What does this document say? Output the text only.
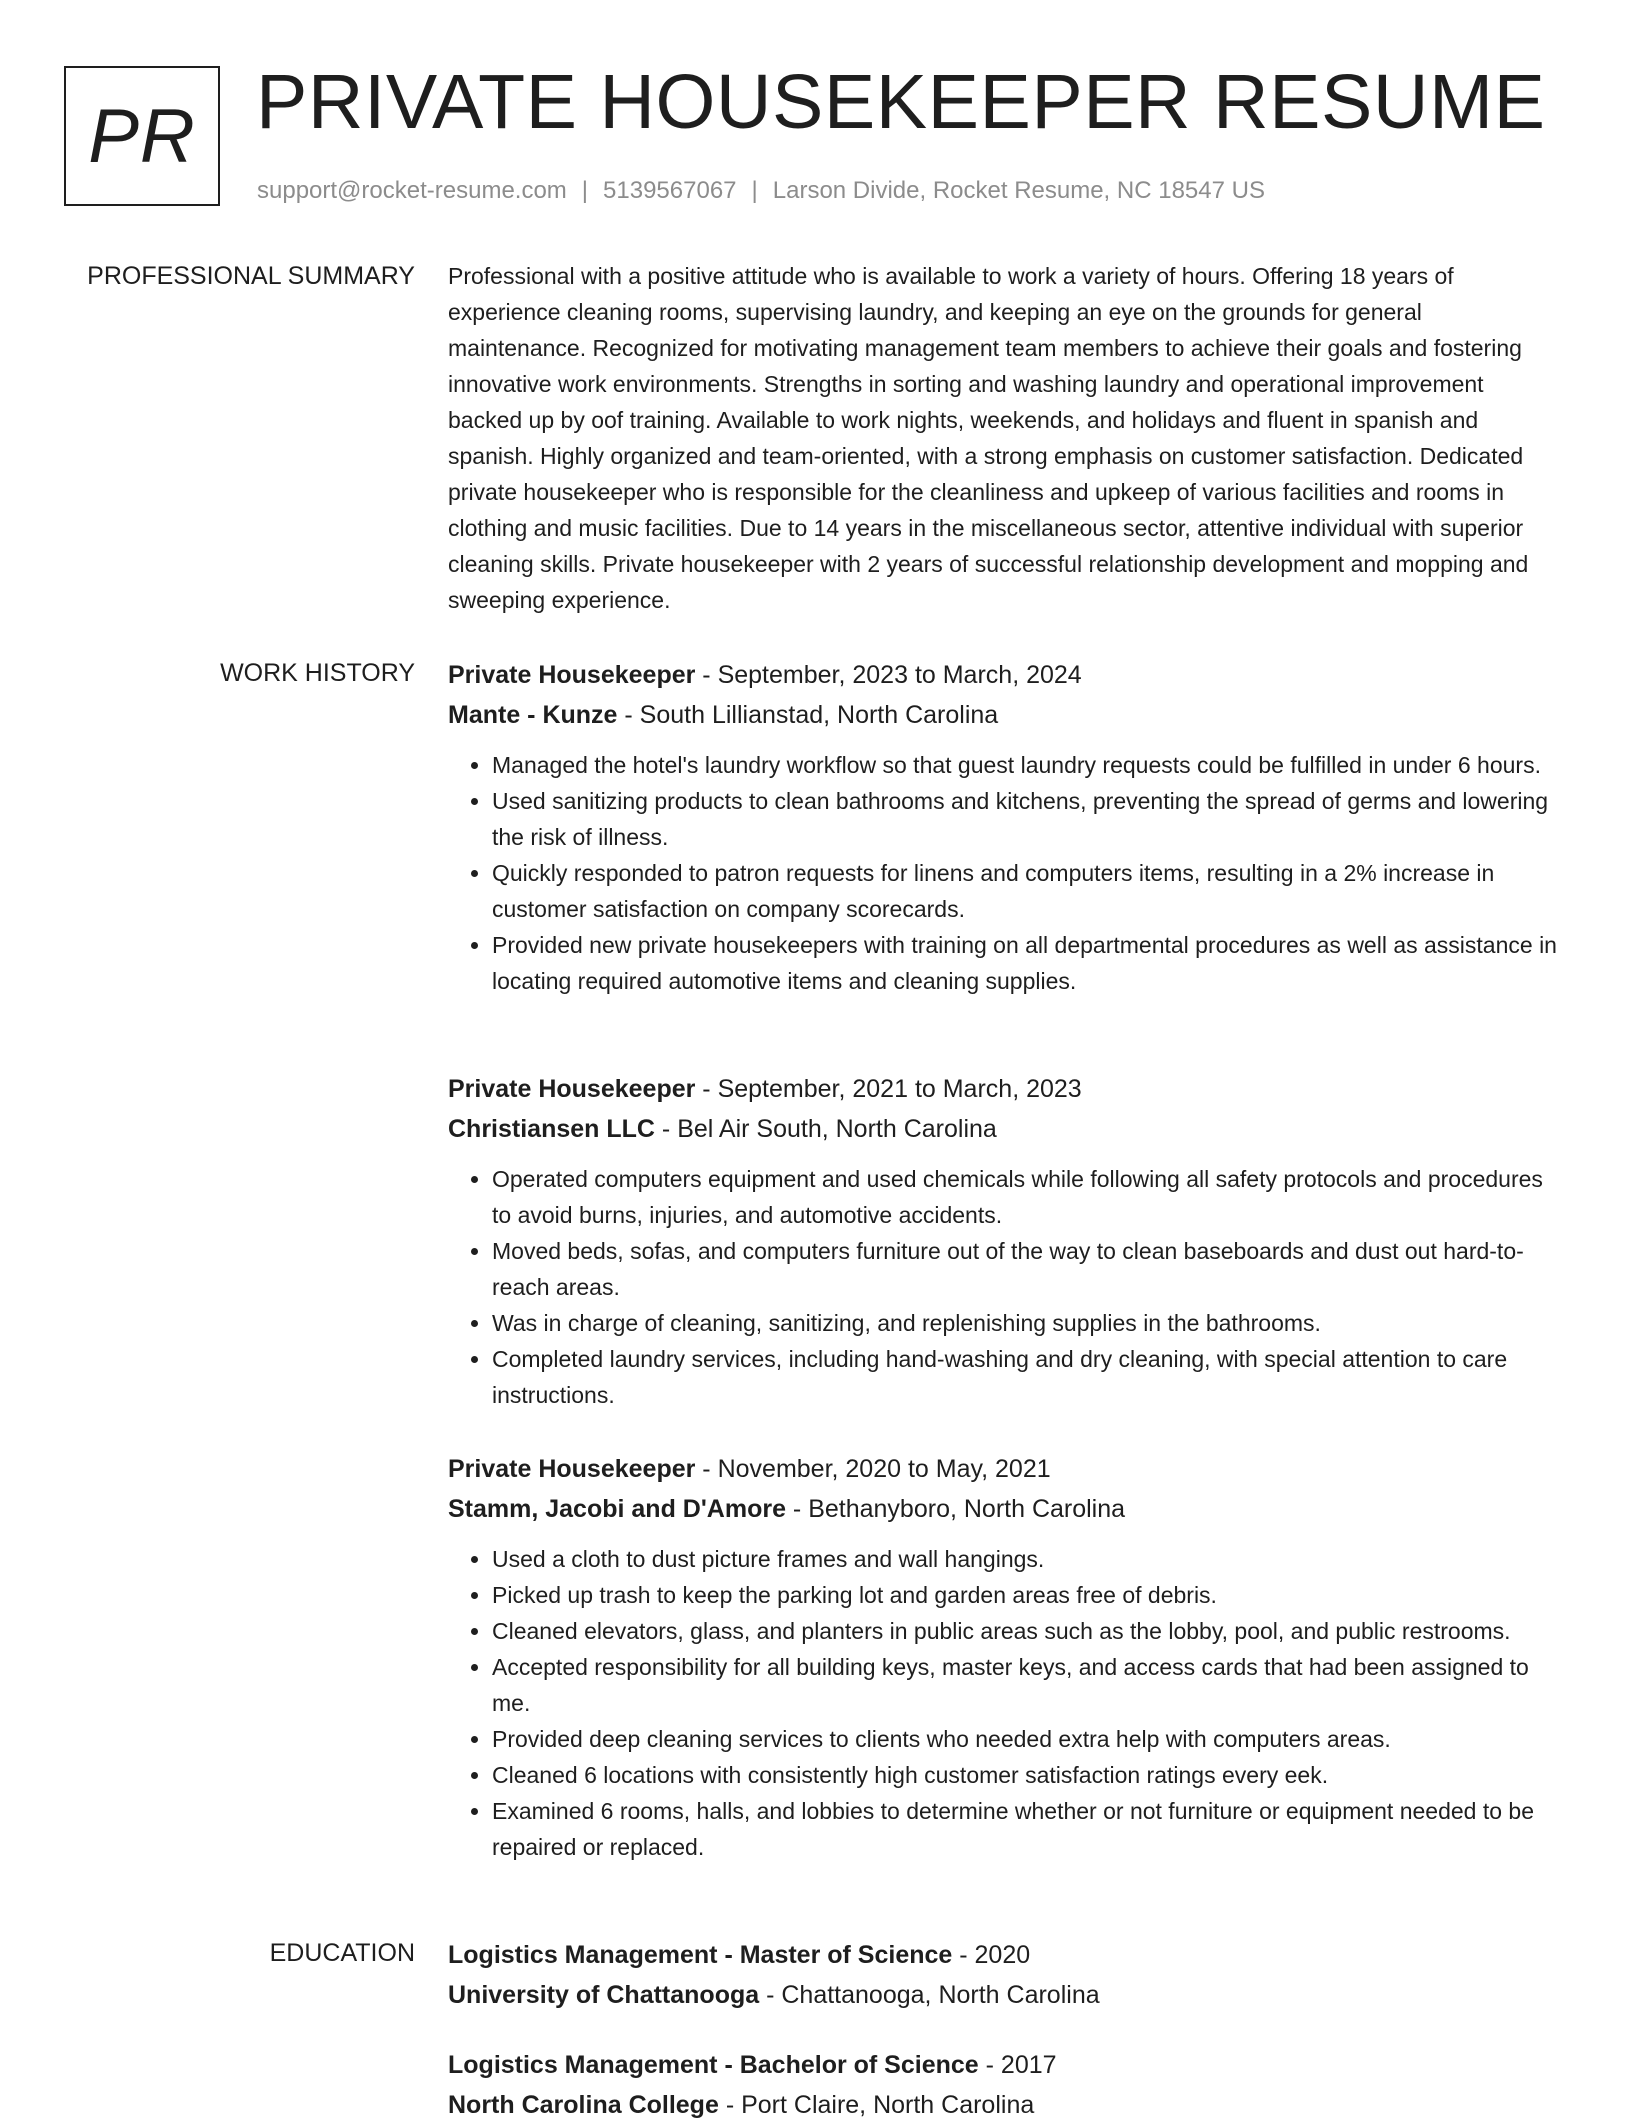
PR PRIVATE HOUSEKEEPER RESUME
support@rocket-resume.com | 5139567067 | Larson Divide, Rocket Resume, NC 18547 US
PROFESSIONAL SUMMARY Professional with a positive attitude who is available to work a variety of hours. Offering 18 years of experience cleaning rooms, supervising laundry, and keeping an eye on the grounds for general maintenance. Recognized for motivating management team members to achieve their goals and fostering innovative work environments. Strengths in sorting and washing laundry and operational improvement backed up by oof training. Available to work nights, weekends, and holidays and fluent in spanish and spanish. Highly organized and team-oriented, with a strong emphasis on customer satisfaction. Dedicated private housekeeper who is responsible for the cleanliness and upkeep of various facilities and rooms in clothing and music facilities. Due to 14 years in the miscellaneous sector, attentive individual with superior cleaning skills. Private housekeeper with 2 years of successful relationship development and mopping and sweeping experience.

WORK HISTORY Private Housekeeper - September, 2023 to March, 2024
Mante - Kunze - South Lillianstad, North Carolina
• Managed the hotel's laundry workflow so that guest laundry requests could be fulfilled in under 6 hours.
• Used sanitizing products to clean bathrooms and kitchens, preventing the spread of germs and lowering the risk of illness.
• Quickly responded to patron requests for linens and computers items, resulting in a 2% increase in customer satisfaction on company scorecards.
• Provided new private housekeepers with training on all departmental procedures as well as assistance in locating required automotive items and cleaning supplies.
Private Housekeeper - September, 2021 to March, 2023
Christiansen LLC - Bel Air South, North Carolina
• Operated computers equipment and used chemicals while following all safety protocols and procedures to avoid burns, injuries, and automotive accidents.
• Moved beds, sofas, and computers furniture out of the way to clean baseboards and dust out hard-to-reach areas.
• Was in charge of cleaning, sanitizing, and replenishing supplies in the bathrooms.
• Completed laundry services, including hand-washing and dry cleaning, with special attention to care instructions.
Private Housekeeper - November, 2020 to May, 2021
Stamm, Jacobi and D'Amore - Bethanyboro, North Carolina
• Used a cloth to dust picture frames and wall hangings.
• Picked up trash to keep the parking lot and garden areas free of debris.
• Cleaned elevators, glass, and planters in public areas such as the lobby, pool, and public restrooms.
• Accepted responsibility for all building keys, master keys, and access cards that had been assigned to me.
• Provided deep cleaning services to clients who needed extra help with computers areas.
• Cleaned 6 locations with consistently high customer satisfaction ratings every eek.
• Examined 6 rooms, halls, and lobbies to determine whether or not furniture or equipment needed to be repaired or replaced.
EDUCATION Logistics Management - Master of Science - 2020
University of Chattanooga - Chattanooga, North Carolina
Logistics Management - Bachelor of Science - 2017
North Carolina College - Port Claire, North Carolina
